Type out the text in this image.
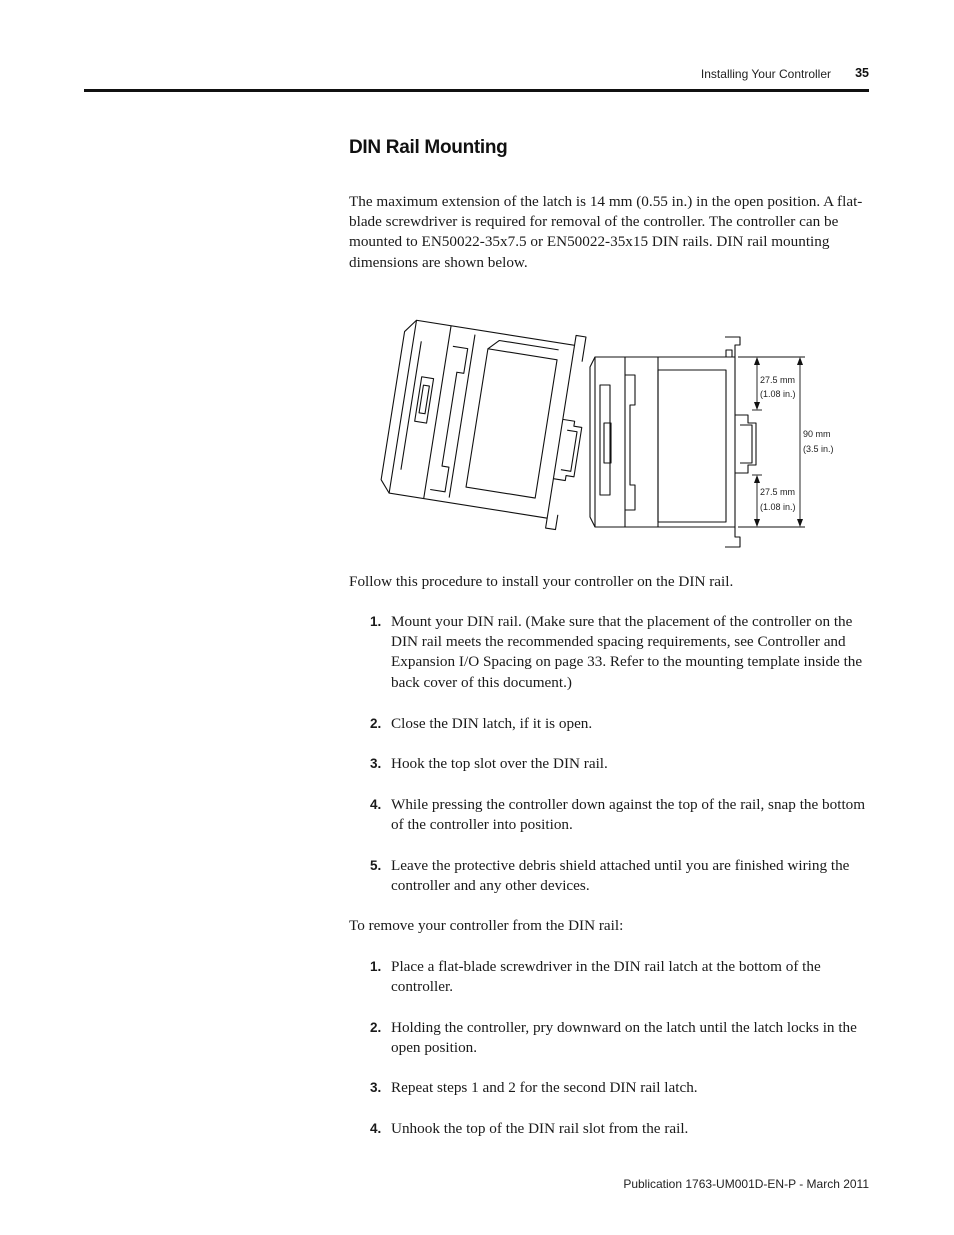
Installing Your Controller 35
DIN Rail Mounting

The maximum extension of the latch is 14 mm (0.55 in.) in the open position. A flat-blade screwdriver is required for removal of the controller. The controller can be mounted to EN50022-35x7.5 or EN50022-35x15 DIN rails. DIN rail mounting dimensions are shown below.

27.5 mm
(1.08 in.)
90 mm
(3.5 in.)
27.5 mm
(1.08 in.)

Follow this procedure to install your controller on the DIN rail.

1. Mount your DIN rail. (Make sure that the placement of the controller on the DIN rail meets the recommended spacing requirements, see Controller and Expansion I/O Spacing on page 33. Refer to the mounting template inside the back cover of this document.)
2. Close the DIN latch, if it is open.
3. Hook the top slot over the DIN rail.
4. While pressing the controller down against the top of the rail, snap the bottom of the controller into position.
5. Leave the protective debris shield attached until you are finished wiring the controller and any other devices.

To remove your controller from the DIN rail:

1. Place a flat-blade screwdriver in the DIN rail latch at the bottom of the controller.
2. Holding the controller, pry downward on the latch until the latch locks in the open position.
3. Repeat steps 1 and 2 for the second DIN rail latch.
4. Unhook the top of the DIN rail slot from the rail.
Publication 1763-UM001D-EN-P - March 2011
